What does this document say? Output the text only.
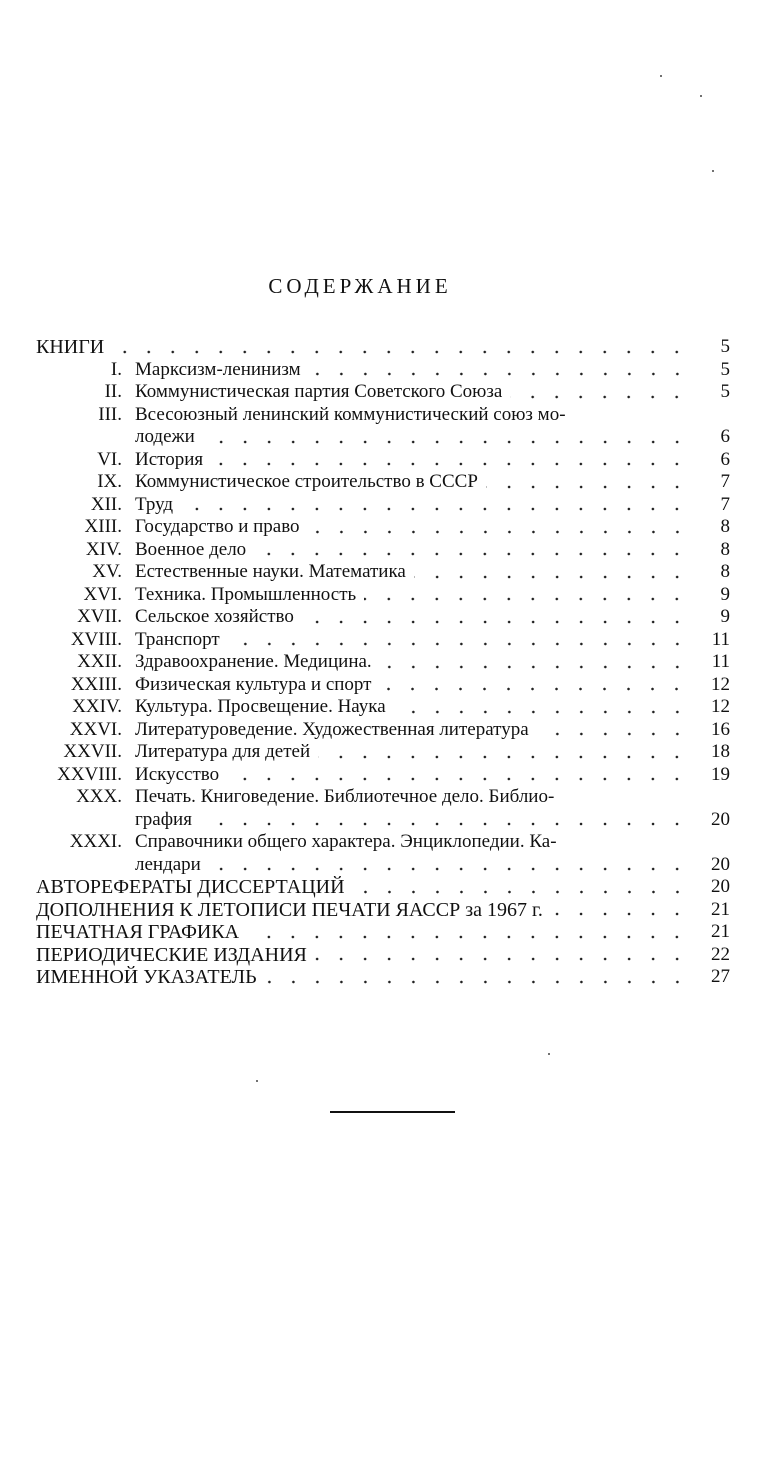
СОДЕРЖАНИЕ
КНИГИ	5
I. Марксизм-ленинизм	5
II. Коммунистическая партия Советского Союза	5
III. Всесоюзный ленинский коммунистический союз мо-
лодежи	6
VI. История	6
IX. Коммунистическое строительство в СССР	7
XII. Труд	7
XIII. Государство и право	8
XIV. Военное дело	8
XV. Естественные науки. Математика	8
XVI. Техника. Промышленность	9
XVII. Сельское хозяйство	9
XVIII. Транспорт	11
XXII. Здравоохранение. Медицина.	11
XXIII. Физическая культура и спорт	12
XXIV. Культура. Просвещение. Наука	12
XXVI. Литературоведение. Художественная литература	16
XXVII. Литература для детей	18
XXVIII. Искусство	19
XXX. Печать. Книговедение. Библиотечное дело. Библио-
графия	20
XXXI. Справочники общего характера. Энциклопедии. Ка-
лендари	20
АВТОРЕФЕРАТЫ ДИССЕРТАЦИЙ	20
ДОПОЛНЕНИЯ К ЛЕТОПИСИ ПЕЧАТИ ЯАССР за 1967 г.	21
ПЕЧАТНАЯ ГРАФИКА	21
ПЕРИОДИЧЕСКИЕ ИЗДАНИЯ	22
ИМЕННОЙ УКАЗАТЕЛЬ	27
